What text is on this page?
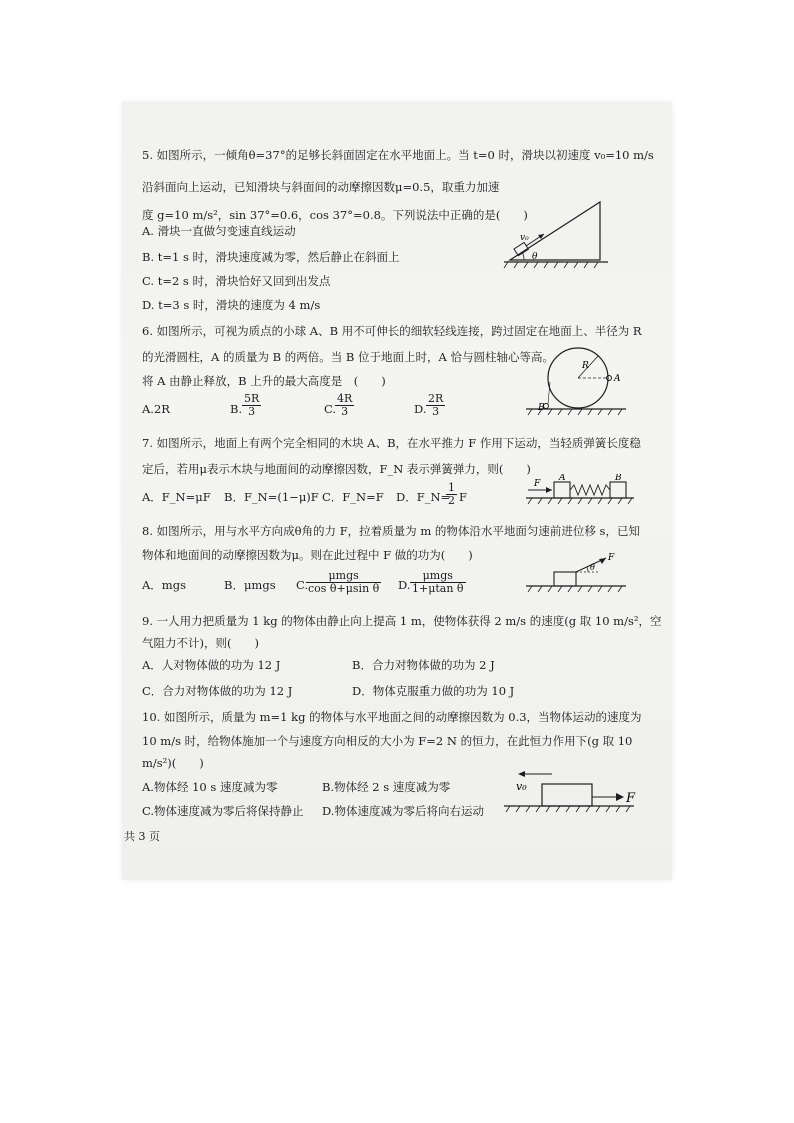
5. 如图所示，一倾角θ=37°的足够长斜面固定在水平地面上。当 t=0 时，滑块以初速度 v₀=10 m/s
沿斜面向上运动，已知滑块与斜面间的动摩擦因数μ=0.5，取重力加速
度 g=10 m/s²，sin 37°=0.6，cos 37°=0.8。下列说法中正确的是(　　)
A. 滑块一直做匀变速直线运动
B. t=1 s 时，滑块速度减为零，然后静止在斜面上
C. t=2 s 时，滑块恰好又回到出发点
D. t=3 s 时，滑块的速度为 4 m/s
v₀
θ
6. 如图所示，可视为质点的小球 A、B 用不可伸长的细软轻线连接，跨过固定在地面上、半径为 R
的光滑圆柱，A 的质量为 B 的两倍。当 B 位于地面上时，A 恰与圆柱轴心等高。
将 A 由静止释放，B 上升的最大高度是　(　　)
A.2R	B. $\frac{5R}{3}$	C.
$\frac{4R}{3}$	D. $\frac{2R}{3}$
R
A
B
7. 如图所示，地面上有两个完全相同的木块 A、B，在水平推力 F 作用下运动，当轻质弹簧长度稳
定后，若用μ表示木块与地面间的动摩擦因数，F_N 表示弹簧弹力，则(　　)
A．F_N=μF B．F_N=(1−μ)F C．F_N=F D．F_N=
$\frac{1}{2}$ F
F
A	B
8. 如图所示，用与水平方向成θ角的力 F，拉着质量为 m 的物体沿水平地面匀速前进位移 s，已知
物体和地面间的动摩擦因数为μ。则在此过程中 F 做的功为(　　)
A．mgs	B．μmgs C.
μmgs
cos θ+μsin θ D.
μmgs
1+μtan θ
F
θ
9. 一人用力把质量为 1 kg 的物体由静止向上提高 1 m，使物体获得 2 m/s 的速度(g 取 10 m/s²，空
气阻力不计)，则(　　)
A．人对物体做的功为 12 J	B．合力对物体做的功为 2 J
C．合力对物体做的功为 12 J	D．物体克服重力做的功为 10 J
10. 如图所示，质量为 m=1 kg 的物体与水平地面之间的动摩擦因数为 0.3，当物体运动的速度为
10 m/s 时，给物体施加一个与速度方向相反的大小为 F=2 N 的恒力，在此恒力作用下(g 取 10
m/s²)(　　)
A.物体经 10 s 速度减为零	B.物体经 2 s 速度减为零
C.物体速度减为零后将保持静止 D.物体速度减为零后将向右运动
v₀
F
共 3 页
